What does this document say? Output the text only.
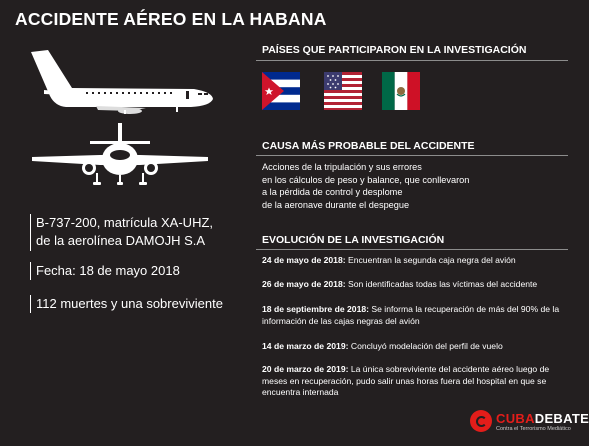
ACCIDENTE AÉREO EN LA HABANA
B-737-200, matrícula XA-UHZ,
de la aerolínea DAMOJH S.A
Fecha: 18 de mayo 2018
112 muertes y una sobreviviente
PAÍSES QUE PARTICIPARON EN LA INVESTIGACIÓN
CAUSA MÁS PROBABLE DEL ACCIDENTE
Acciones de la tripulación y sus errores
en los cálculos de peso y balance, que conllevaron
a la pérdida de control y desplome
de la aeronave durante el despegue
EVOLUCIÓN DE LA INVESTIGACIÓN
24 de mayo de 2018: Encuentran la segunda caja negra del avión
26 de mayo de 2018: Son identificadas todas las víctimas del accidente
18 de septiembre de 2018: Se informa la recuperación de más del 90% de la información de las cajas negras del avión
14 de marzo de 2019: Concluyó modelación del perfil de vuelo
20 de marzo de 2019: La única sobreviviente del accidente aéreo luego de meses en recuperación, pudo salir unas horas fuera del hospital en que se encuentra internada
CUBADEBATE
Contra el Terrorismo Mediático
